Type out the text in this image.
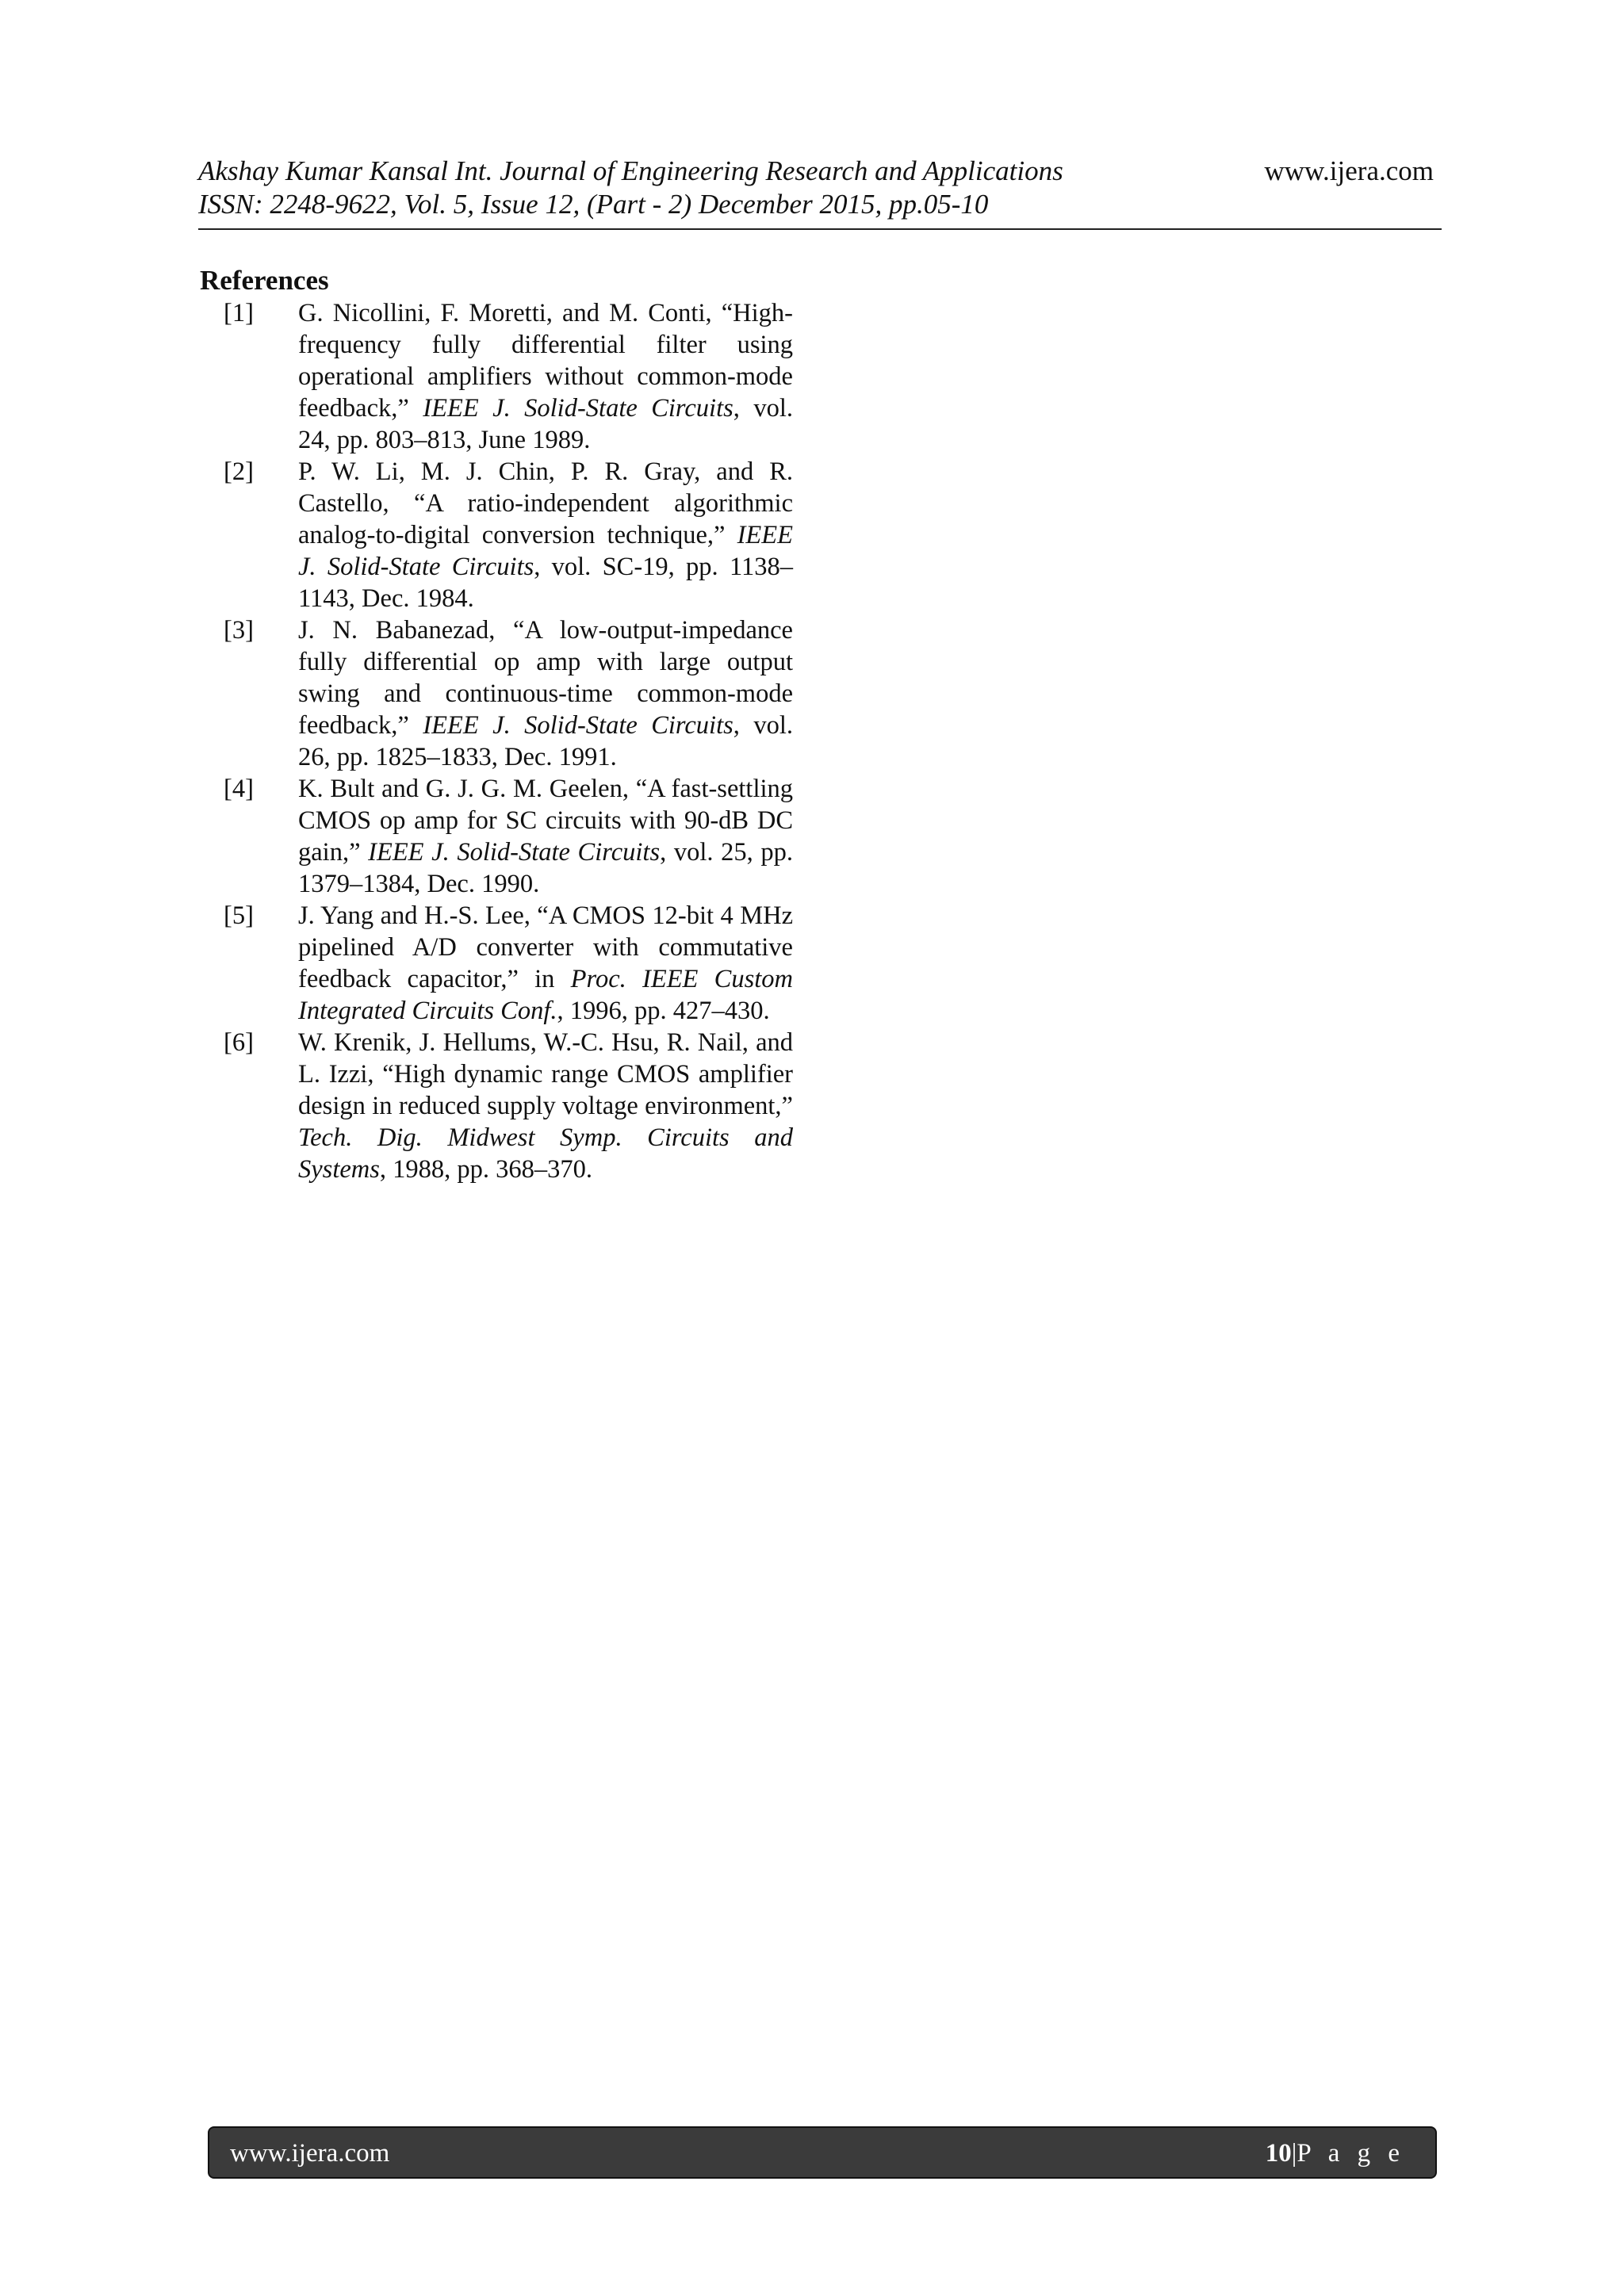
Akshay Kumar Kansal Int. Journal of Engineering Research and Applications
ISSN: 2248-9622, Vol. 5, Issue 12, (Part - 2) December 2015, pp.05-10
www.ijera.com
References
[1]	G. Nicollini, F. Moretti, and M. Conti, “High-frequency fully differential filter using operational amplifiers without common-mode feedback,” IEEE J. Solid-State Circuits, vol. 24, pp. 803–813, June 1989.
[2]	P. W. Li, M. J. Chin, P. R. Gray, and R. Castello, “A ratio-independent algorithmic analog-to-digital conversion technique,” IEEE J. Solid-State Circuits, vol. SC-19, pp. 1138–1143, Dec. 1984.
[3]	J. N. Babanezad, “A low-output-impedance fully differential op amp with large output swing and continuous-time common-mode feedback,” IEEE J. Solid-State Circuits, vol. 26, pp. 1825–1833, Dec. 1991.
[4]	K. Bult and G. J. G. M. Geelen, “A fast-settling CMOS op amp for SC circuits with 90-dB DC gain,” IEEE J. Solid-State Circuits, vol. 25, pp. 1379–1384, Dec. 1990.
[5]	J. Yang and H.-S. Lee, “A CMOS 12-bit 4 MHz pipelined A/D converter with commutative feedback capacitor,” in Proc. IEEE Custom Integrated Circuits Conf., 1996, pp. 427–430.
[6]	W. Krenik, J. Hellums, W.-C. Hsu, R. Nail, and L. Izzi, “High dynamic range CMOS amplifier design in reduced supply voltage environment,” Tech. Dig. Midwest Symp. Circuits and Systems, 1988, pp. 368–370.
www.ijera.com	10|P a g e
